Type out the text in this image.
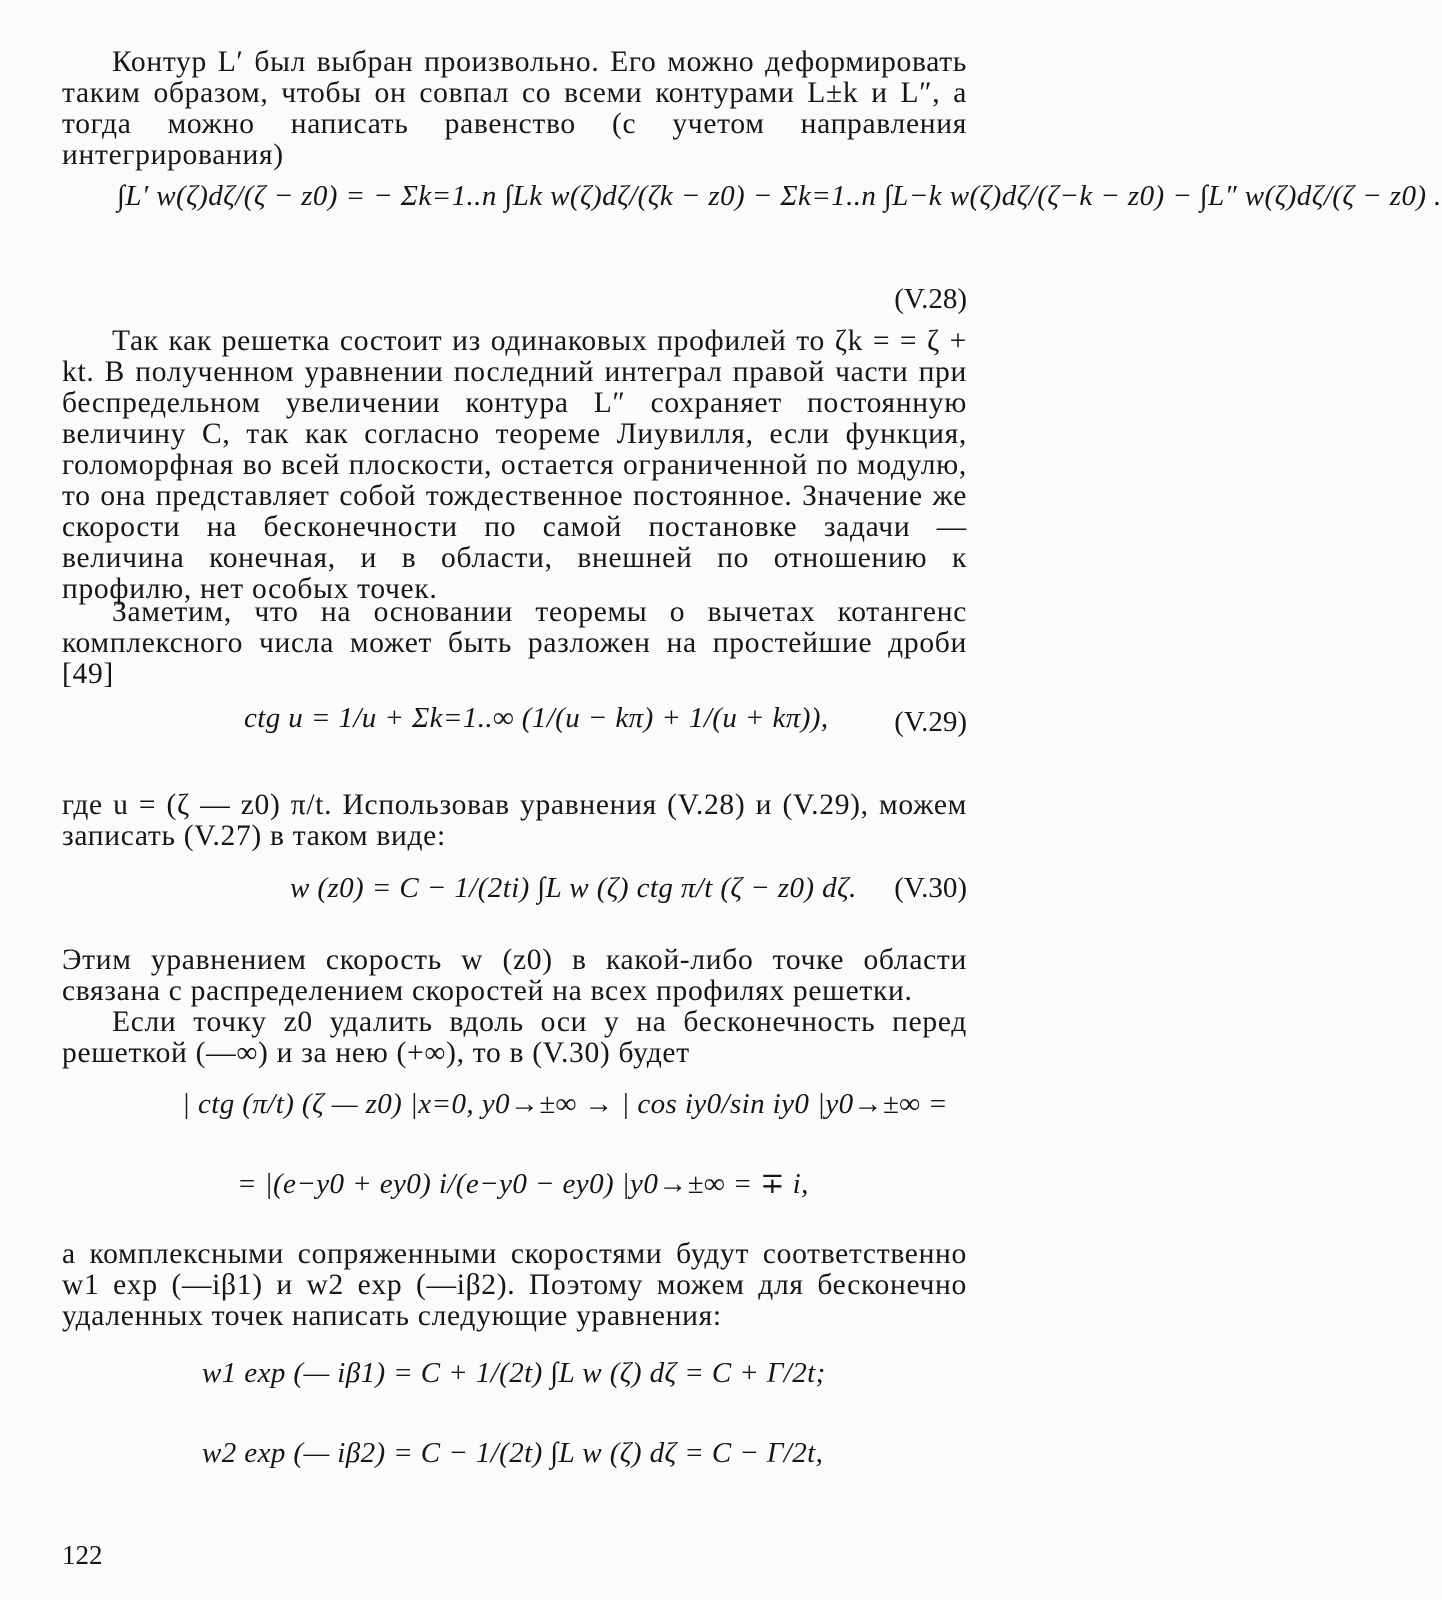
Контур L′ был выбран произвольно. Его можно деформировать таким образом, чтобы он совпал со всеми контурами L±k и L″, а тогда можно написать равенство (с учетом направления интегрирования)

∫L′ w(ζ)dζ/(ζ − z0) = − Σk=1..n ∫Lk w(ζ)dζ/(ζk − z0) − Σk=1..n ∫L−k w(ζ)dζ/(ζ−k − z0) − ∫L″ w(ζ)dζ/(ζ − z0) .
(V.28)

Так как решетка состоит из одинаковых профилей то ζk = = ζ + kt. В полученном уравнении последний интеграл правой части при беспредельном увеличении контура L″ сохраняет постоянную величину C, так как согласно теореме Лиувилля, если функция, голоморфная во всей плоскости, остается ограниченной по модулю, то она представляет собой тождественное постоянное. Значение же скорости на бесконечности по самой постановке задачи — величина конечная, и в области, внешней по отношению к профилю, нет особых точек.

Заметим, что на основании теоремы о вычетах котангенс комплексного числа может быть разложен на простейшие дроби [49]

ctg u = 1/u + Σk=1..∞ (1/(u − kπ) + 1/(u + kπ)), (V.29)

где u = (ζ — z0) π/t. Использовав уравнения (V.28) и (V.29), можем записать (V.27) в таком виде:

w (z0) = C − 1/(2ti) ∫L w (ζ) ctg π/t (ζ − z0) dζ. (V.30)

Этим уравнением скорость w (z0) в какой-либо точке области связана с распределением скоростей на всех профилях решетки.

Если точку z0 удалить вдоль оси y на бесконечность перед решеткой (—∞) и за нею (+∞), то в (V.30) будет

| ctg (π/t) (ζ — z0) |x=0, y0→±∞ → | cos iy0/sin iy0 |y0→±∞ =
= |(e−y0 + ey0) i/(e−y0 − ey0) |y0→±∞ = ∓ i,

а комплексными сопряженными скоростями будут соответственно w1 exp (—iβ1) и w2 exp (—iβ2). Поэтому можем для бесконечно удаленных точек написать следующие уравнения:

w1 exp (— iβ1) = C + 1/(2t) ∫L w (ζ) dζ = C + Γ/2t;
w2 exp (— iβ2) = C − 1/(2t) ∫L w (ζ) dζ = C − Γ/2t,
122
